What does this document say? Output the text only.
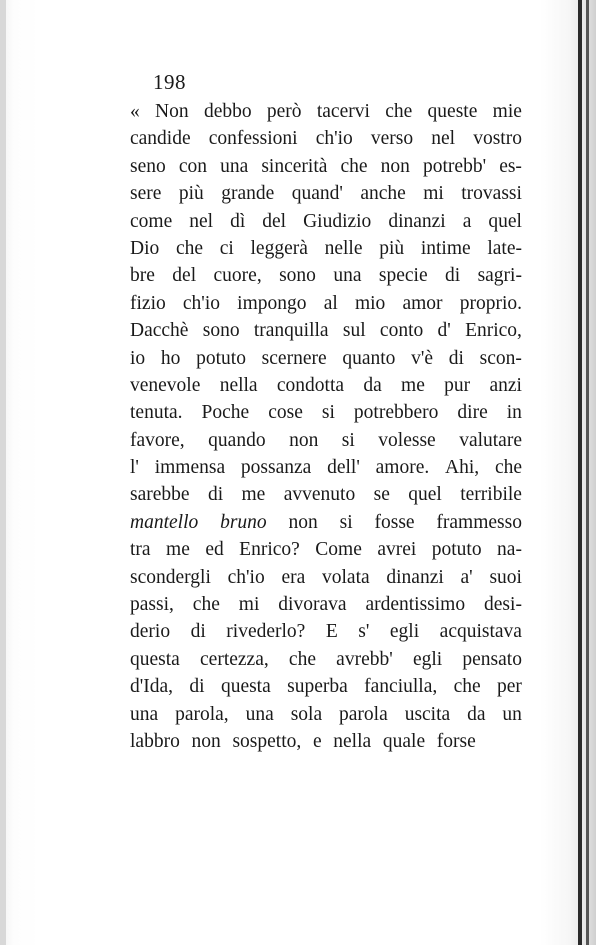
198
« Non debbo però tacervi che queste mie
candide confessioni ch'io verso nel vostro
seno con una sincerità che non potrebb' es-
sere più grande quand' anche mi trovassi
come nel dì del Giudizio dinanzi a quel
Dio che ci leggerà nelle più intime late-
bre del cuore, sono una specie di sagri-
fizio ch'io impongo al mio amor proprio.
Dacchè sono tranquilla sul conto d' Enrico,
io ho potuto scernere quanto v'è di scon-
venevole nella condotta da me pur anzi
tenuta. Poche cose si potrebbero dire in
favore, quando non si volesse valutare
l' immensa possanza dell' amore. Ahi, che
sarebbe di me avvenuto se quel terribile
mantello bruno non si fosse frammesso
tra me ed Enrico? Come avrei potuto na-
scondergli ch'io era volata dinanzi a' suoi
passi, che mi divorava ardentissimo desi-
derio di rivederlo? E s' egli acquistava
questa certezza, che avrebb' egli pensato
d'Ida, di questa superba fanciulla, che per
una parola, una sola parola uscita da un
labbro non sospetto, e nella quale forse
